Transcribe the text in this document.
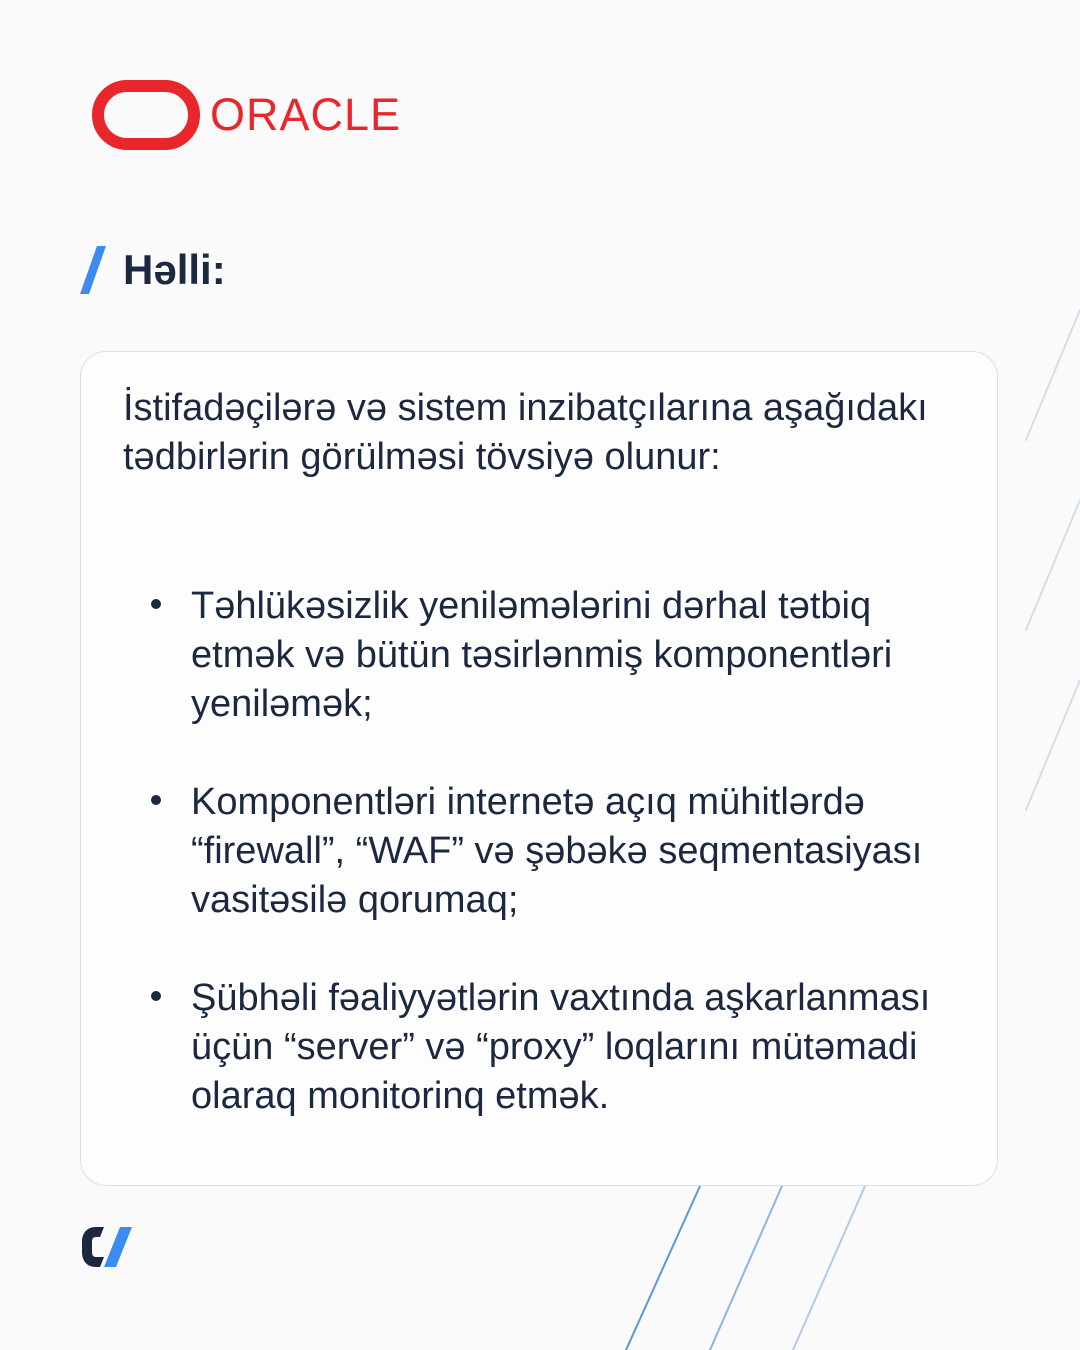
ORACLE
Həlli:

İstifadəçilərə və sistem inzibatçılarına aşağıdakı tədbirlərin görülməsi tövsiyə olunur:

Təhlükəsizlik yeniləmələrini dərhal tətbiq etmək və bütün təsirlənmiş komponentləri yeniləmək;
Komponentləri internetə açıq mühitlərdə “firewall”, “WAF” və şəbəkə seqmentasiyası vasitəsilə qorumaq;
Şübhəli fəaliyyətlərin vaxtında aşkarlanması üçün “server” və “proxy” loqlarını mütəmadi olaraq monitorinq etmək.
